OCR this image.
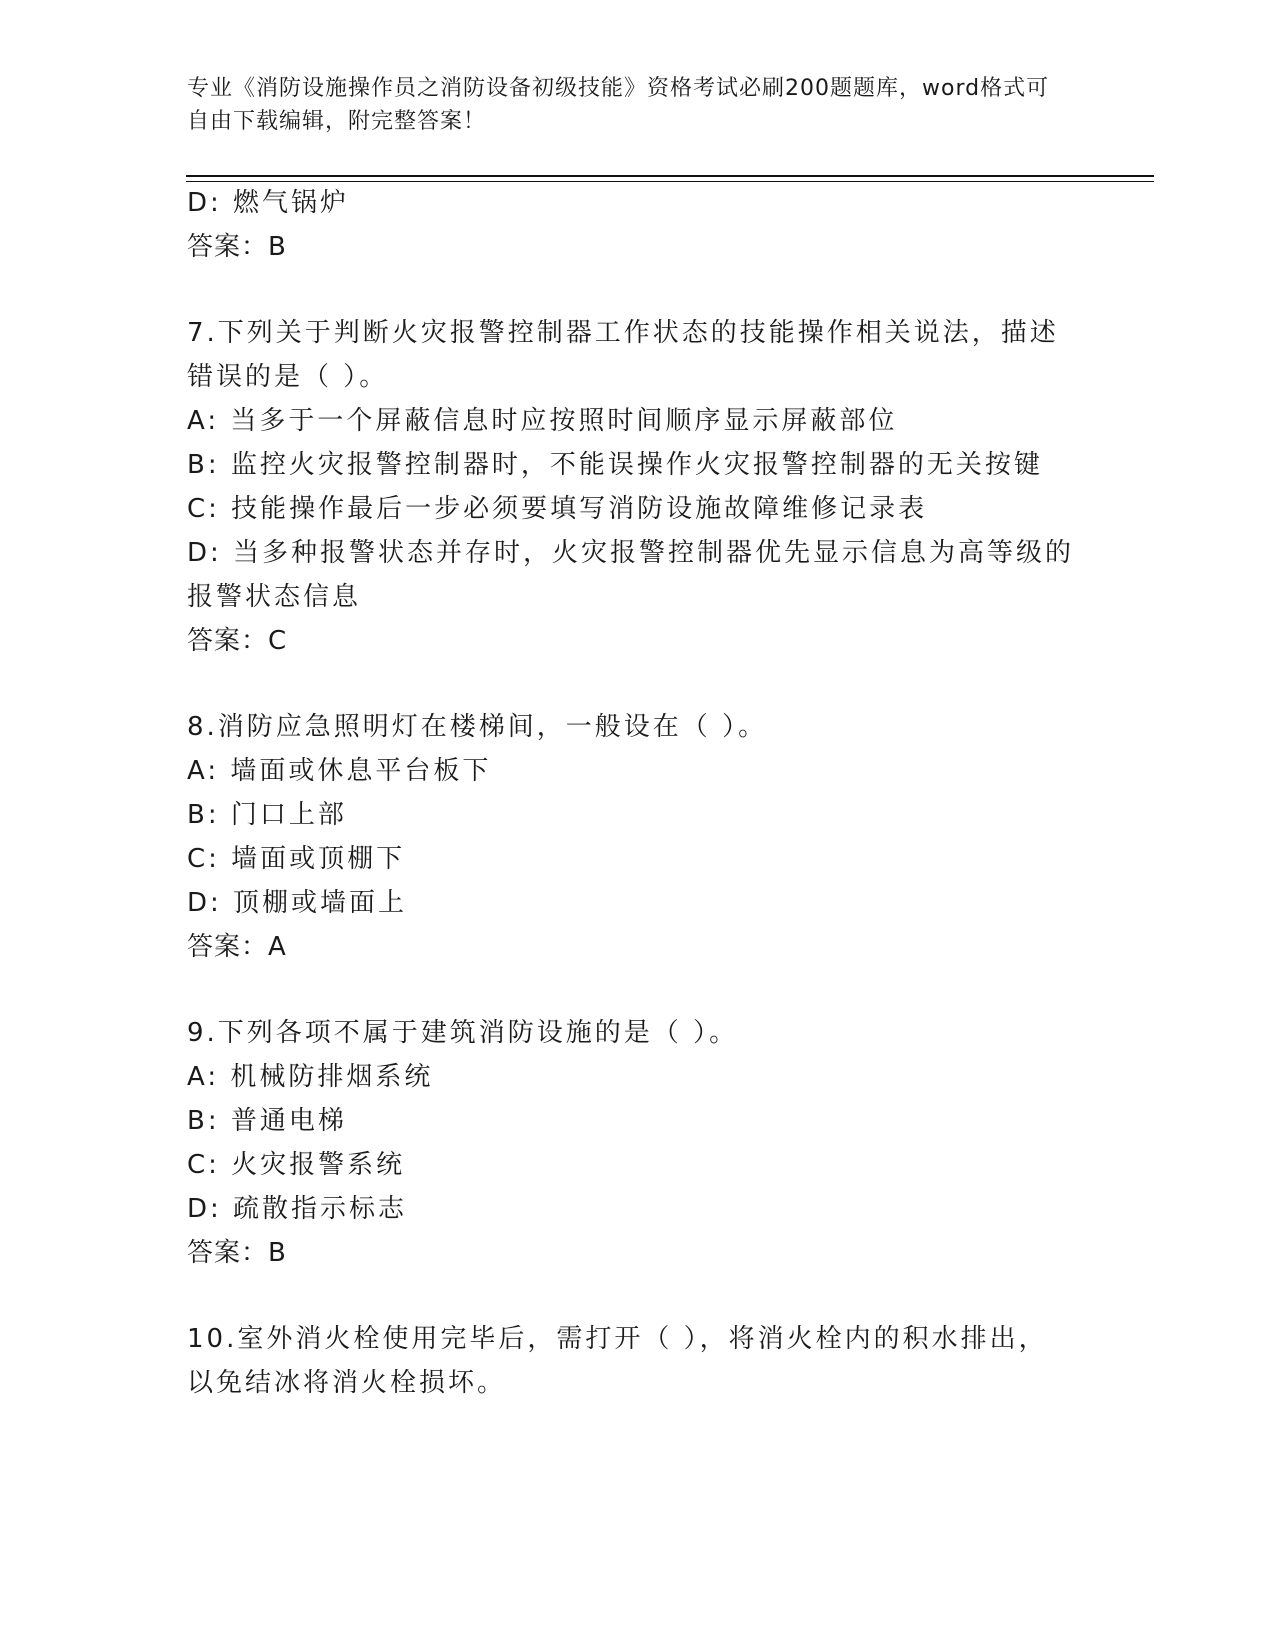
专业《消防设施操作员之消防设备初级技能》资格考试必刷200题题库，word格式可自由下载编辑，附完整答案！
D: 燃气锅炉
答案：B
7.下列关于判断火灾报警控制器工作状态的技能操作相关说法，描述
错误的是（ ）。
A: 当多于一个屏蔽信息时应按照时间顺序显示屏蔽部位
B: 监控火灾报警控制器时，不能误操作火灾报警控制器的无关按键
C: 技能操作最后一步必须要填写消防设施故障维修记录表
D: 当多种报警状态并存时，火灾报警控制器优先显示信息为高等级的
报警状态信息
答案：C
8.消防应急照明灯在楼梯间，一般设在（ ）。
A: 墙面或休息平台板下
B: 门口上部
C: 墙面或顶棚下
D: 顶棚或墙面上
答案：A
9.下列各项不属于建筑消防设施的是（ ）。
A: 机械防排烟系统
B: 普通电梯
C: 火灾报警系统
D: 疏散指示标志
答案：B
10.室外消火栓使用完毕后，需打开（ ），将消火栓内的积水排出，
以免结冰将消火栓损坏。
